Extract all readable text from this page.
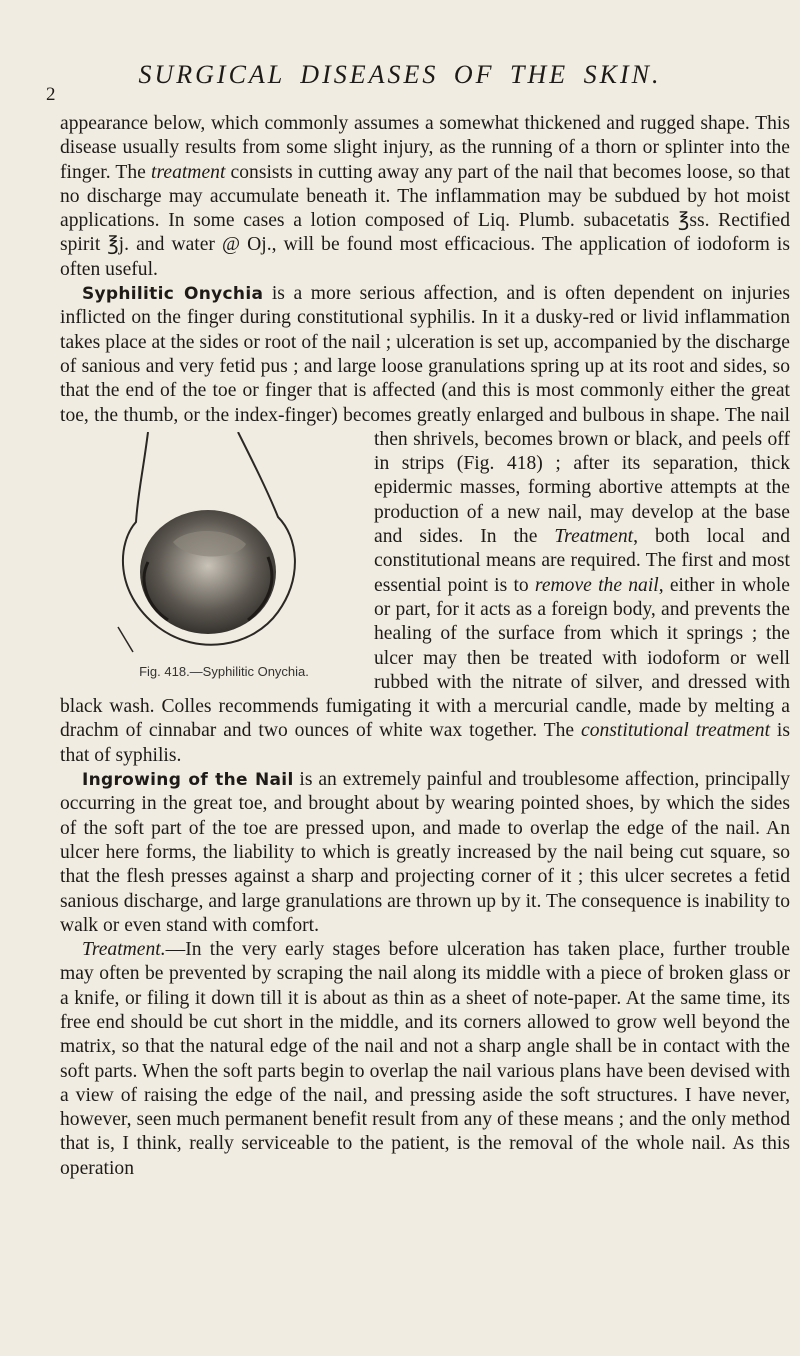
2
SURGICAL DISEASES OF THE SKIN.

appearance below, which commonly assumes a somewhat thickened and rugged shape. This disease usually results from some slight injury, as the running of a thorn or splinter into the finger. The treatment consists in cutting away any part of the nail that becomes loose, so that no discharge may accumulate beneath it. The inflammation may be subdued by hot moist applications. In some cases a lotion composed of Liq. Plumb. subacetatis ℥ss. Rectified spirit ℥j. and water @ Oj., will be found most efficacious. The application of iodoform is often useful.

Syphilitic Onychia is a more serious affection, and is often dependent on injuries inflicted on the finger during constitutional syphilis. In it a dusky-red or livid inflammation takes place at the sides or root of the nail ; ulceration is set up, accompanied by the discharge of sanious and very fetid pus ; and large loose granulations spring up at its root and sides, so that the end of the toe or finger that is affected (and this is most commonly either the great toe, the thumb, or the index-finger) becomes greatly enlarged and
Fig. 418.—Syphilitic Onychia.
bulbous in shape. The nail then shrivels, becomes brown or black, and peels off in strips (Fig. 418) ; after its separation, thick epidermic masses, forming abortive attempts at the production of a new nail, may develop at the base and sides. In the Treatment, both local and constitutional means are required. The first and most essential point is to remove the nail, either in whole or part, for it acts as a foreign body, and prevents the healing of the surface from which it springs ; the ulcer may then be treated with iodoform or well rubbed with the nitrate of silver, and dressed with black wash. Colles recommends fumigating it with a mercurial candle, made by melting a drachm of cinnabar and two ounces of white wax together. The constitutional treatment is that of syphilis.

Ingrowing of the Nail is an extremely painful and troublesome affection, principally occurring in the great toe, and brought about by wearing pointed shoes, by which the sides of the soft part of the toe are pressed upon, and made to overlap the edge of the nail. An ulcer here forms, the liability to which is greatly increased by the nail being cut square, so that the flesh presses against a sharp and projecting corner of it ; this ulcer secretes a fetid sanious discharge, and large granulations are thrown up by it. The consequence is inability to walk or even stand with comfort.

Treatment.—In the very early stages before ulceration has taken place, further trouble may often be prevented by scraping the nail along its middle with a piece of broken glass or a knife, or filing it down till it is about as thin as a sheet of note-paper. At the same time, its free end should be cut short in the middle, and its corners allowed to grow well beyond the matrix, so that the natural edge of the nail and not a sharp angle shall be in contact with the soft parts. When the soft parts begin to overlap the nail various plans have been devised with a view of raising the edge of the nail, and pressing aside the soft structures. I have never, however, seen much permanent benefit result from any of these means ; and the only method that is, I think, really serviceable to the patient, is the removal of the whole nail. As this operation
